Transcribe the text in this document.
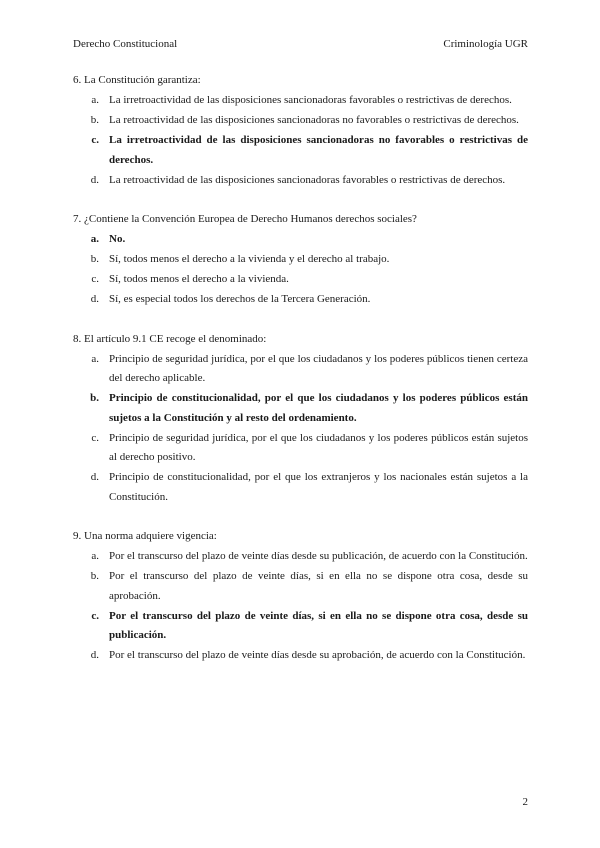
Derecho Constitucional	Criminología UGR

6. La Constitución garantiza:

a. La irretroactividad de las disposiciones sancionadoras favorables o restrictivas de derechos.
b. La retroactividad de las disposiciones sancionadoras no favorables o restrictivas de derechos.
c. La irretroactividad de las disposiciones sancionadoras no favorables o restrictivas de derechos.
d. La retroactividad de las disposiciones sancionadoras favorables o restrictivas de derechos.

7. ¿Contiene la Convención Europea de Derecho Humanos derechos sociales?

a. No.
b. Sí, todos menos el derecho a la vivienda y el derecho al trabajo.
c. Sí, todos menos el derecho a la vivienda.
d. Sí, es especial todos los derechos de la Tercera Generación.

8. El artículo 9.1 CE recoge el denominado:

a. Principio de seguridad jurídica, por el que los ciudadanos y los poderes públicos tienen certeza del derecho aplicable.
b. Principio de constitucionalidad, por el que los ciudadanos y los poderes públicos están sujetos a la Constitución y al resto del ordenamiento.
c. Principio de seguridad jurídica, por el que los ciudadanos y los poderes públicos están sujetos al derecho positivo.
d. Principio de constitucionalidad, por el que los extranjeros y los nacionales están sujetos a la Constitución.

9. Una norma adquiere vigencia:

a. Por el transcurso del plazo de veinte días desde su publicación, de acuerdo con la Constitución.
b. Por el transcurso del plazo de veinte días, si en ella no se dispone otra cosa, desde su aprobación.
c. Por el transcurso del plazo de veinte días, si en ella no se dispone otra cosa, desde su publicación.
d. Por el transcurso del plazo de veinte días desde su aprobación, de acuerdo con la Constitución.
2
